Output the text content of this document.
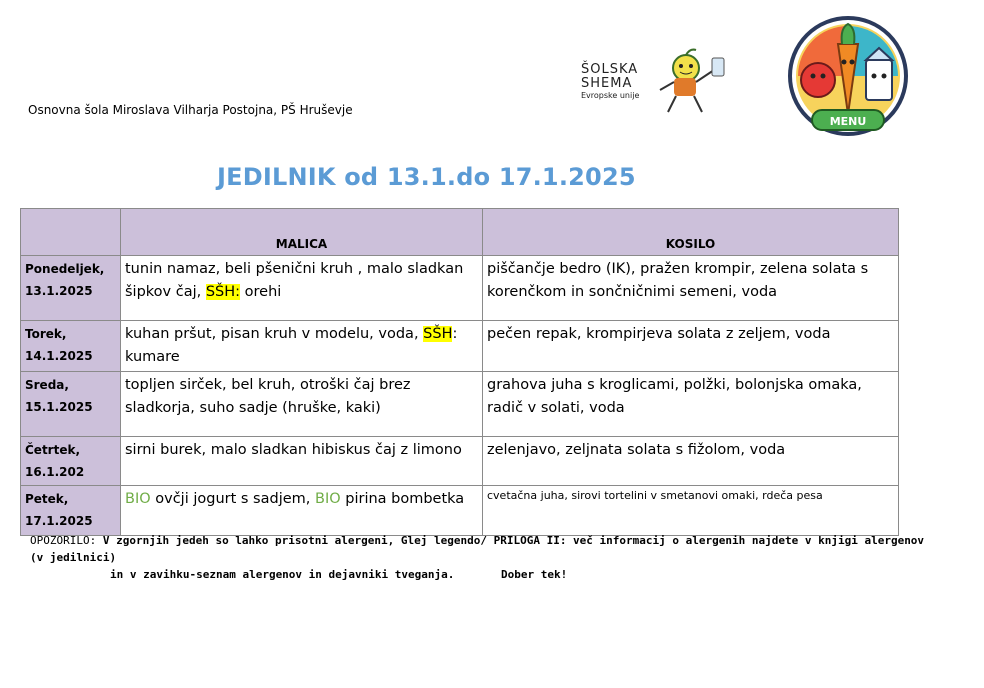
Osnovna šola Miroslava Vilharja Postojna, PŠ Hruševje
ŠOLSKA
SHEMA
Evropske unije
MENU
JEDILNIK od 13.1.do 17.1.2025
	MALICA	KOSILO

Ponedeljek,
13.1.2025	tunin namaz, beli pšenični kruh , malo sladkan šipkov čaj, SŠH: orehi	piščančje bedro (IK), pražen krompir, zelena solata s korenčkom in sončničnimi semeni, voda

Torek,
14.1.2025	kuhan pršut, pisan kruh v modelu, voda, SŠH: kumare	pečen repak, krompirjeva solata z zeljem, voda

Sreda,
15.1.2025	topljen sirček, bel kruh, otroški čaj brez sladkorja, suho sadje (hruške, kaki)	grahova juha s kroglicami, polžki, bolonjska omaka, radič v solati, voda

Četrtek,
16.1.202	sirni burek, malo sladkan hibiskus čaj z limono	zelenjavo, zeljnata solata s fižolom, voda

Petek,
17.1.2025	BIO ovčji jogurt s sadjem, BIO pirina bombetka	cvetačna juha, sirovi tortelini v smetanovi omaki, rdeča pesa
OPOZORILO: V zgornjih jedeh so lahko prisotni alergeni, Glej legendo/ PRILOGA II: več informacij o alergenih najdete v knjigi alergenov (v jedilnici)
in v zavihku-seznam alergenov in dejavniki tveganja.	Dober tek!
